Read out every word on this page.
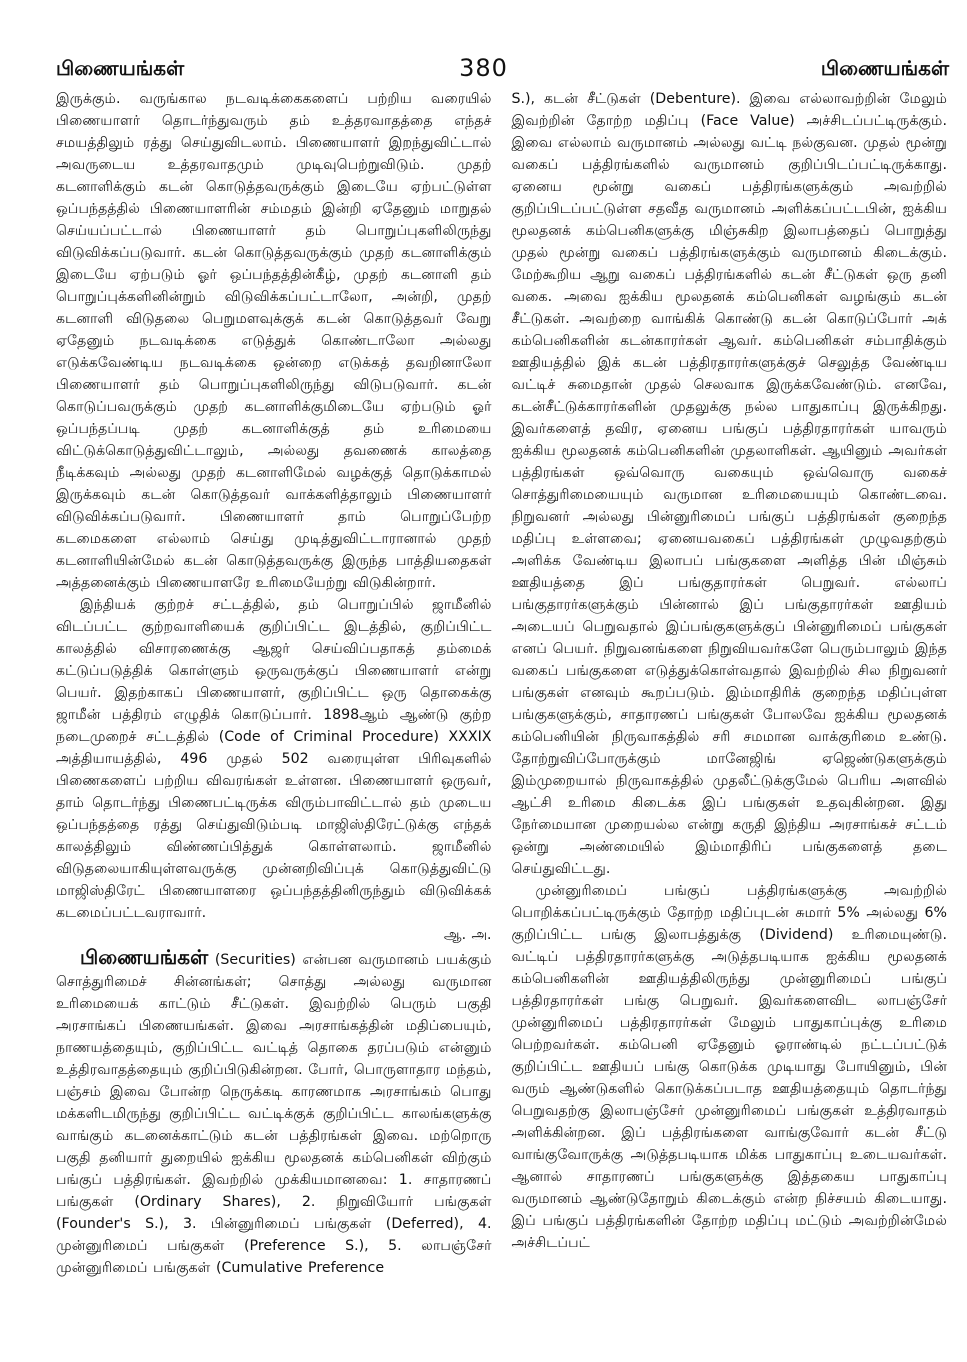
380
பிணையங்கள்	பிணையங்கள்

இருக்கும். வருங்கால நடவடிக்கைகளைப் பற்றிய வரையில் பிணையாளர் தொடர்ந்துவரும் தம் உத்தரவாதத்தை எந்தச் சமயத்திலும் ரத்து செய்துவிடலாம். பிணையாளர் இறந்துவிட்டால் அவருடைய உத்தரவாதமும் முடிவுபெற்றுவிடும். முதற் கடனாளிக்கும் கடன் கொடுத்தவருக்கும் இடையே ஏற்பட்டுள்ள ஒப்பந்தத்தில் பிணையாளரின் சம்மதம் இன்றி ஏதேனும் மாறுதல் செய்யப்பட்டால் பிணையாளர் தம் பொறுப்புகளிலிருந்து விடுவிக்கப்படுவார். கடன் கொடுத்தவருக்கும் முதற் கடனாளிக்கும் இடையே ஏற்படும் ஓர் ஒப்பந்தத்தின்கீழ், முதற் கடனாளி தம் பொறுப்புக்களினின்றும் விடுவிக்கப்பட்டாலோ, அன்றி, முதற் கடனாளி விடுதலை பெறுமளவுக்குக் கடன் கொடுத்தவர் வேறு ஏதேனும் நடவடிக்கை எடுத்துக் கொண்டாலோ அல்லது எடுக்கவேண்டிய நடவடிக்கை ஒன்றை எடுக்கத் தவறினாலோ பிணையாளர் தம் பொறுப்புகளிலிருந்து விடுபடுவார். கடன் கொடுப்பவருக்கும் முதற் கடனாளிக்குமிடையே ஏற்படும் ஓர் ஒப்பந்தப்படி முதற் கடனாளிக்குத் தம் உரிமையை விட்டுக்கொடுத்துவிட்டாலும், அல்லது தவணைக் காலத்தை நீடிக்கவும் அல்லது முதற் கடனாளிமேல் வழக்குத் தொடுக்காமல் இருக்கவும் கடன் கொடுத்தவர் வாக்களித்தாலும் பிணையாளர் விடுவிக்கப்படுவார். பிணையாளர் தாம் பொறுப்பேற்ற கடமைகளை எல்லாம் செய்து முடித்துவிட்டாரானால் முதற் கடனாளியின்மேல் கடன் கொடுத்தவருக்கு இருந்த பாத்தியதைகள் அத்தனைக்கும் பிணையாளரே உரிமையேற்று விடுகின்றார்.

இந்தியக் குற்றச் சட்டத்தில், தம் பொறுப்பில் ஜாமீனில் விடப்பட்ட குற்றவாளியைக் குறிப்பிட்ட இடத்தில், குறிப்பிட்ட காலத்தில் விசாரணைக்கு ஆஜர் செய்விப்பதாகத் தம்மைக் கட்டுப்படுத்திக் கொள்ளும் ஒருவருக்குப் பிணையாளர் என்று பெயர். இதற்காகப் பிணையாளர், குறிப்பிட்ட ஒரு தொகைக்கு ஜாமீன் பத்திரம் எழுதிக் கொடுப்பார். 1898ஆம் ஆண்டு குற்ற நடைமுறைச் சட்டத்தில் (Code of Criminal Procedure) XXXIX அத்தியாயத்தில், 496 முதல் 502 வரையுள்ள பிரிவுகளில் பிணைகளைப் பற்றிய விவரங்கள் உள்ளன. பிணையாளர் ஒருவர், தாம் தொடர்ந்து பிணைபட்டிருக்க விரும்பாவிட்டால் தம் முடைய ஒப்பந்தத்தை ரத்து செய்துவிடும்படி மாஜிஸ்திரேட்டுக்கு எந்தக் காலத்திலும் விண்ணப்பித்துக் கொள்ளலாம். ஜாமீனில் விடுதலையாகியுள்ளவருக்கு முன்னறிவிப்புக் கொடுத்துவிட்டு மாஜிஸ்திரேட் பிணையாளரை ஒப்பந்தத்தினிருந்தும் விடுவிக்கக் கடமைப்பட்டவராவார்.

ஆ. அ.

பிணையங்கள் (Securities) என்பன வருமானம் பயக்கும் சொத்துரிமைச் சின்னங்கள்; சொத்து அல்லது வருமான உரிமையைக் காட்டும் சீட்டுகள். இவற்றில் பெரும் பகுதி அரசாங்கப் பிணையங்கள். இவை அரசாங்கத்தின் மதிப்பையும், நாணயத்தையும், குறிப்பிட்ட வட்டித் தொகை தரப்படும் என்னும் உத்திரவாதத்தையும் குறிப்பிடுகின்றன. போர், பொருளாதார மந்தம், பஞ்சம் இவை போன்ற நெருக்கடி காரணமாக அரசாங்கம் பொது மக்களிடமிருந்து குறிப்பிட்ட வட்டிக்குக் குறிப்பிட்ட காலங்களுக்கு வாங்கும் கடனைக்காட்டும் கடன் பத்திரங்கள் இவை. மற்றொரு பகுதி தனியார் துறையில் ஐக்கிய மூலதனக் கம்பெனிகள் விற்கும் பங்குப் பத்திரங்கள். இவற்றில் முக்கியமானவை: 1. சாதாரணப் பங்குகள் (Ordinary Shares), 2. நிறுவியோர் பங்குகள் (Founder's S.), 3. பின்னுரிமைப் பங்குகள் (Deferred), 4. முன்னுரிமைப் பங்குகள் (Preference S.), 5. லாபஞ்சேர் முன்னுரிமைப் பங்குகள் (Cumulative Preference

S.), கடன் சீட்டுகள் (Debenture). இவை எல்லாவற்றின் மேலும் இவற்றின் தோற்ற மதிப்பு (Face Value) அச்சிடப்பட்டிருக்கும். இவை எல்லாம் வருமானம் அல்லது வட்டி நல்குவன. முதல் மூன்று வகைப் பத்திரங்களில் வருமானம் குறிப்பிடப்பட்டிருக்காது. ஏனைய மூன்று வகைப் பத்திரங்களுக்கும் அவற்றில் குறிப்பிடப்பட்டுள்ள சதவீத வருமானம் அளிக்கப்பட்டபின், ஐக்கிய மூலதனக் கம்பெனிகளுக்கு மிஞ்சுகிற இலாபத்தைப் பொறுத்து முதல் மூன்று வகைப் பத்திரங்களுக்கும் வருமானம் கிடைக்கும். மேற்கூறிய ஆறு வகைப் பத்திரங்களில் கடன் சீட்டுகள் ஒரு தனி வகை. அவை ஐக்கிய மூலதனக் கம்பெனிகள் வழங்கும் கடன் சீட்டுகள். அவற்றை வாங்கிக் கொண்டு கடன் கொடுப்போர் அக் கம்பெனிகளின் கடன்காரர்கள் ஆவர். கம்பெனிகள் சம்பாதிக்கும் ஊதியத்தில் இக் கடன் பத்திரதாரர்களுக்குச் செலுத்த வேண்டிய வட்டிச் சுமைதான் முதல் செலவாக இருக்கவேண்டும். எனவே, கடன்சீட்டுக்காரர்களின் முதலுக்கு நல்ல பாதுகாப்பு இருக்கிறது. இவர்களைத் தவிர, ஏனைய பங்குப் பத்திரதாரர்கள் யாவரும் ஐக்கிய மூலதனக் கம்பெனிகளின் முதலாளிகள். ஆயினும் அவர்கள் பத்திரங்கள் ஒவ்வொரு வகையும் ஒவ்வொரு வகைச் சொத்துரிமையையும் வருமான உரிமையையும் கொண்டவை. நிறுவனர் அல்லது பின்னுரிமைப் பங்குப் பத்திரங்கள் குறைந்த மதிப்பு உள்ளவை; ஏனையவகைப் பத்திரங்கள் முழுவதற்கும் அளிக்க வேண்டிய இலாபப் பங்குகளை அளித்த பின் மிஞ்சும் ஊதியத்தை இப் பங்குதாரர்கள் பெறுவர். எல்லாப் பங்குதாரர்களுக்கும் பின்னால் இப் பங்குதாரர்கள் ஊதியம் அடையப் பெறுவதால் இப்பங்குகளுக்குப் பின்னுரிமைப் பங்குகள் எனப் பெயர். நிறுவனங்களை நிறுவியவர்களே பெரும்பாலும் இந்த வகைப் பங்குகளை எடுத்துக்கொள்வதால் இவற்றில் சில நிறுவனர் பங்குகள் எனவும் கூறப்படும். இம்மாதிரிக் குறைந்த மதிப்புள்ள பங்குகளுக்கும், சாதாரணப் பங்குகள் போலவே ஐக்கிய மூலதனக் கம்பெனியின் நிருவாகத்தில் சரி சமமான வாக்குரிமை உண்டு. தோற்றுவிப்போருக்கும் மானேஜிங் ஏஜெண்டுகளுக்கும் இம்முறையால் நிருவாகத்தில் முதலீட்டுக்குமேல் பெரிய அளவில் ஆட்சி உரிமை கிடைக்க இப் பங்குகள் உதவுகின்றன. இது நேர்மையான முறையல்ல என்று கருதி இந்திய அரசாங்கச் சட்டம் ஒன்று அண்மையில் இம்மாதிரிப் பங்குகளைத் தடை செய்துவிட்டது.

முன்னுரிமைப் பங்குப் பத்திரங்களுக்கு அவற்றில் பொறிக்கப்பட்டிருக்கும் தோற்ற மதிப்புடன் சுமார் 5% அல்லது 6% குறிப்பிட்ட பங்கு இலாபத்துக்கு (Dividend) உரிமையுண்டு. வட்டிப் பத்திரதாரர்களுக்கு அடுத்தபடியாக ஐக்கிய மூலதனக் கம்பெனிகளின் ஊதியத்திலிருந்து முன்னுரிமைப் பங்குப் பத்திரதாரர்கள் பங்கு பெறுவர். இவர்களைவிட லாபஞ்சேர் முன்னுரிமைப் பத்திரதாரர்கள் மேலும் பாதுகாப்புக்கு உரிமை பெற்றவர்கள். கம்பெனி ஏதேனும் ஓராண்டில் நட்டப்பட்டுக் குறிப்பிட்ட ஊதியப் பங்கு கொடுக்க முடியாது போயினும், பின் வரும் ஆண்டுகளில் கொடுக்கப்படாத ஊதியத்தையும் தொடர்ந்து பெறுவதற்கு இலாபஞ்சேர் முன்னுரிமைப் பங்குகள் உத்திரவாதம் அளிக்கின்றன. இப் பத்திரங்களை வாங்குவோர் கடன் சீட்டு வாங்குவோருக்கு அடுத்தபடியாக மிக்க பாதுகாப்பு உடையவர்கள். ஆனால் சாதாரணப் பங்குகளுக்கு இத்தகைய பாதுகாப்பு வருமானம் ஆண்டுதோறும் கிடைக்கும் என்ற நிச்சயம் கிடையாது. இப் பங்குப் பத்திரங்களின் தோற்ற மதிப்பு மட்டும் அவற்றின்மேல் அச்சிடப்பட்
